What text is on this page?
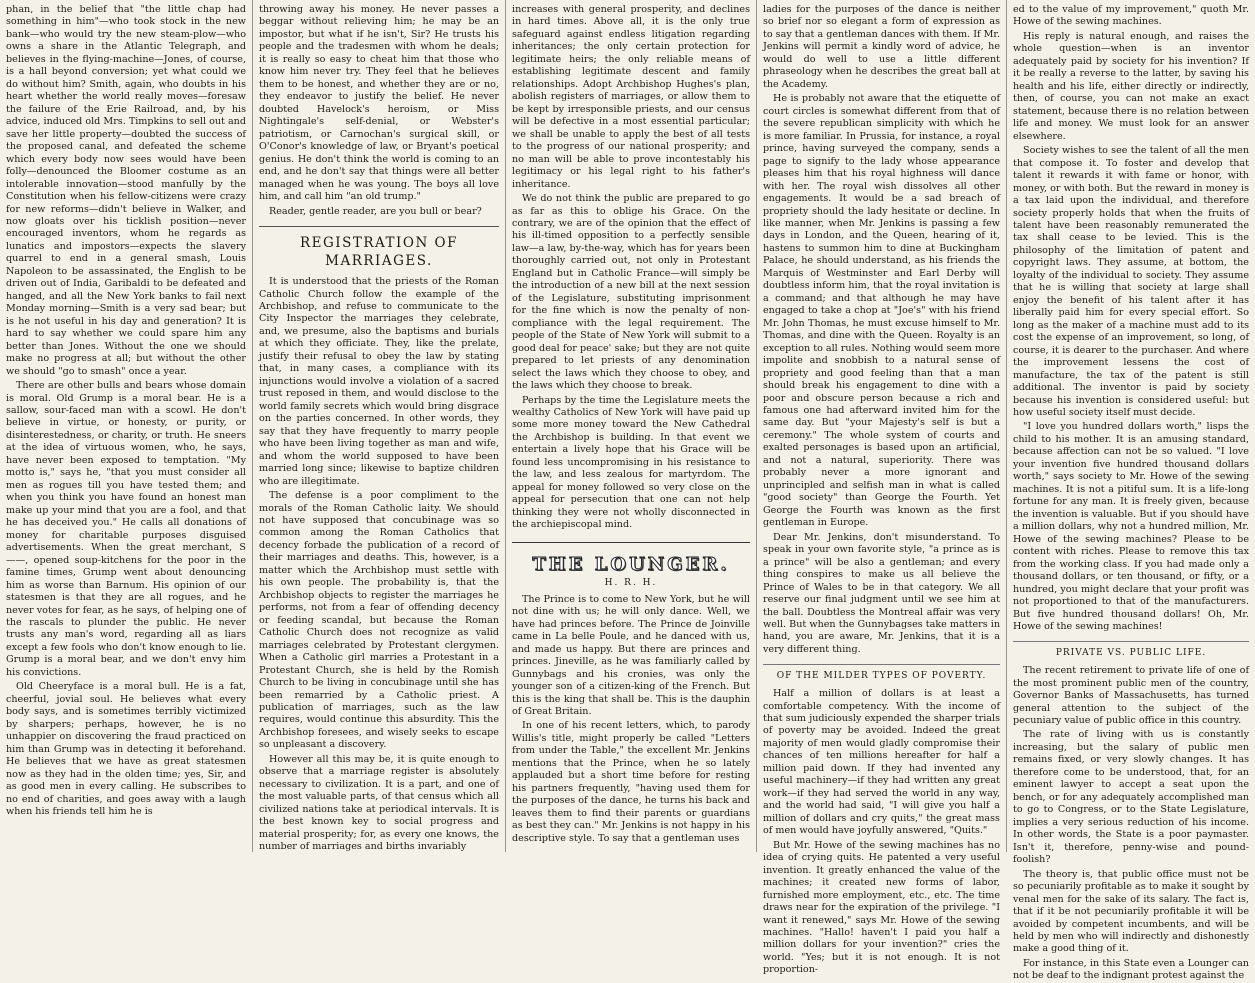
phan, in the belief that "the little chap had something in him"—who took stock in the new bank—who would try the new steam-plow—who owns a share in the Atlantic Telegraph, and believes in the flying-machine—Jones, of course, is a hall beyond conversion; yet what could we do without him? Smith, again, who doubts in his heart whether the world really moves—foresaw the failure of the Erie Railroad, and, by his advice, induced old Mrs. Timpkins to sell out and save her little property—doubted the success of the proposed canal, and defeated the scheme which every body now sees would have been folly—denounced the Bloomer costume as an intolerable innovation—stood manfully by the Constitution when his fellow-citizens were crazy for new reforms—didn't believe in Walker, and now gloats over his ticklish position—never encouraged inventors, whom he regards as lunatics and impostors—expects the slavery quarrel to end in a general smash, Louis Napoleon to be assassinated, the English to be driven out of India, Garibaldi to be defeated and hanged, and all the New York banks to fail next Monday morning—Smith is a very sad bear; but is he not useful in his day and generation? It is hard to say whether we could spare him any better than Jones. Without the one we should make no progress at all; but without the other we should "go to smash" once a year.

There are other bulls and bears whose domain is moral. Old Grump is a moral bear. He is a sallow, sour-faced man with a scowl. He don't believe in virtue, or honesty, or purity, or disinterestedness, or charity, or truth. He sneers at the idea of virtuous women, who, he says, have never been exposed to temptation. "My motto is," says he, "that you must consider all men as rogues till you have tested them; and when you think you have found an honest man make up your mind that you are a fool, and that he has deceived you." He calls all donations of money for charitable purposes disguised advertisements. When the great merchant, S——, opened soup-kitchens for the poor in the famine times, Grump went about denouncing him as worse than Barnum. His opinion of our statesmen is that they are all rogues, and he never votes for fear, as he says, of helping one of the rascals to plunder the public. He never trusts any man's word, regarding all as liars except a few fools who don't know enough to lie. Grump is a moral bear, and we don't envy him his convictions.

Old Cheeryface is a moral bull. He is a fat, cheerful, jovial soul. He believes what every body says, and is sometimes terribly victimized by sharpers; perhaps, however, he is no unhappier on discovering the fraud practiced on him than Grump was in detecting it beforehand. He believes that we have as great statesmen now as they had in the olden time; yes, Sir, and as good men in every calling. He subscribes to no end of charities, and goes away with a laugh when his friends tell him he is

throwing away his money. He never passes a beggar without relieving him; he may be an impostor, but what if he isn't, Sir? He trusts his people and the tradesmen with whom he deals; it is really so easy to cheat him that those who know him never try. They feel that he believes them to be honest, and whether they are or no, they endeavor to justify the belief. He never doubted Havelock's heroism, or Miss Nightingale's self-denial, or Webster's patriotism, or Carnochan's surgical skill, or O'Conor's knowledge of law, or Bryant's poetical genius. He don't think the world is coming to an end, and he don't say that things were all better managed when he was young. The boys all love him, and call him "an old trump."

Reader, gentle reader, are you bull or bear?

REGISTRATION OF MARRIAGES.

It is understood that the priests of the Roman Catholic Church follow the example of the Archbishop, and refuse to communicate to the City Inspector the marriages they celebrate, and, we presume, also the baptisms and burials at which they officiate. They, like the prelate, justify their refusal to obey the law by stating that, in many cases, a compliance with its injunctions would involve a violation of a sacred trust reposed in them, and would disclose to the world family secrets which would bring disgrace on the parties concerned. In other words, they say that they have frequently to marry people who have been living together as man and wife, and whom the world supposed to have been married long since; likewise to baptize children who are illegitimate.

The defense is a poor compliment to the morals of the Roman Catholic laity. We should not have supposed that concubinage was so common among the Roman Catholics that decency forbade the publication of a record of their marriages and deaths. This, however, is a matter which the Archbishop must settle with his own people. The probability is, that the Archbishop objects to register the marriages he performs, not from a fear of offending decency or feeding scandal, but because the Roman Catholic Church does not recognize as valid marriages celebrated by Protestant clergymen. When a Catholic girl marries a Protestant in a Protestant Church, she is held by the Romish Church to be living in concubinage until she has been remarried by a Catholic priest. A publication of marriages, such as the law requires, would continue this absurdity. This the Archbishop foresees, and wisely seeks to escape so unpleasant a discovery.

However all this may be, it is quite enough to observe that a marriage register is absolutely necessary to civilization. It is a part, and one of the most valuable parts, of that census which all civilized nations take at periodical intervals. It is the best known key to social progress and material prosperity; for, as every one knows, the number of marriages and births invariably

increases with general prosperity, and declines in hard times. Above all, it is the only true safeguard against endless litigation regarding inheritances; the only certain protection for legitimate heirs; the only reliable means of establishing legitimate descent and family relationships. Adopt Archbishop Hughes's plan, abolish registers of marriages, or allow them to be kept by irresponsible priests, and our census will be defective in a most essential particular; we shall be unable to apply the best of all tests to the progress of our national prosperity; and no man will be able to prove incontestably his legitimacy or his legal right to his father's inheritance.

We do not think the public are prepared to go as far as this to oblige his Grace. On the contrary, we are of the opinion that the effect of his ill-timed opposition to a perfectly sensible law—a law, by-the-way, which has for years been thoroughly carried out, not only in Protestant England but in Catholic France—will simply be the introduction of a new bill at the next session of the Legislature, substituting imprisonment for the fine which is now the penalty of non-compliance with the legal requirement. The people of the State of New York will submit to a good deal for peace' sake; but they are not quite prepared to let priests of any denomination select the laws which they choose to obey, and the laws which they choose to break.

Perhaps by the time the Legislature meets the wealthy Catholics of New York will have paid up some more money toward the New Cathedral the Archbishop is building. In that event we entertain a lively hope that his Grace will be found less uncompromising in his resistance to the law, and less zealous for martyrdom. The appeal for money followed so very close on the appeal for persecution that one can not help thinking they were not wholly disconnected in the archiepiscopal mind.

THE LOUNGER.
H. R. H.

The Prince is to come to New York, but he will not dine with us; he will only dance. Well, we have had princes before. The Prince de Joinville came in La belle Poule, and he danced with us, and made us happy. But there are princes and princes. Jineville, as he was familiarly called by Gunnybags and his cronies, was only the younger son of a citizen-king of the French. But this is the king that shall be. This is the dauphin of Great Britain.

In one of his recent letters, which, to parody Willis's title, might properly be called "Letters from under the Table," the excellent Mr. Jenkins mentions that the Prince, when he so lately applauded but a short time before for resting his partners frequently, "having used them for the purposes of the dance, he turns his back and leaves them to find their parents or guardians as best they can." Mr. Jenkins is not happy in his descriptive style. To say that a gentleman uses

ladies for the purposes of the dance is neither so brief nor so elegant a form of expression as to say that a gentleman dances with them. If Mr. Jenkins will permit a kindly word of advice, he would do well to use a little different phraseology when he describes the great ball at the Academy.

He is probably not aware that the etiquette of court circles is somewhat different from that of the severe republican simplicity with which he is more familiar. In Prussia, for instance, a royal prince, having surveyed the company, sends a page to signify to the lady whose appearance pleases him that his royal highness will dance with her. The royal wish dissolves all other engagements. It would be a sad breach of propriety should the lady hesitate or decline. In like manner, when Mr. Jenkins is passing a few days in London, and the Queen, hearing of it, hastens to summon him to dine at Buckingham Palace, he should understand, as his friends the Marquis of Westminster and Earl Derby will doubtless inform him, that the royal invitation is a command; and that although he may have engaged to take a chop at "Joe's" with his friend Mr. John Thomas, he must excuse himself to Mr. Thomas, and dine with the Queen. Royalty is an exception to all rules. Nothing would seem more impolite and snobbish to a natural sense of propriety and good feeling than that a man should break his engagement to dine with a poor and obscure person because a rich and famous one had afterward invited him for the same day. But "your Majesty's self is but a ceremony." The whole system of courts and exalted personages is based upon an artificial, and not a natural, superiority. There was probably never a more ignorant and unprincipled and selfish man in what is called "good society" than George the Fourth. Yet George the Fourth was known as the first gentleman in Europe.

Dear Mr. Jenkins, don't misunderstand. To speak in your own favorite style, "a prince as is a prince" will be also a gentleman; and every thing conspires to make us all believe the Prince of Wales to be in that category. We all reserve our final judgment until we see him at the ball. Doubtless the Montreal affair was very well. But when the Gunnybagses take matters in hand, you are aware, Mr. Jenkins, that it is a very different thing.

OF THE MILDER TYPES OF POVERTY.

Half a million of dollars is at least a comfortable competency. With the income of that sum judiciously expended the sharper trials of poverty may be avoided. Indeed the great majority of men would gladly compromise their chances of ten millions hereafter for half a million paid down. If they had invented any useful machinery—if they had written any great work—if they had served the world in any way, and the world had said, "I will give you half a million of dollars and cry quits," the great mass of men would have joyfully answered, "Quits."

But Mr. Howe of the sewing machines has no idea of crying quits. He patented a very useful invention. It greatly enhanced the value of the machines; it created new forms of labor, furnished more employment, etc., etc. The time draws near for the expiration of the privilege. "I want it renewed," says Mr. Howe of the sewing machines. "Hallo! haven't I paid you half a million dollars for your invention?" cries the world. "Yes; but it is not enough. It is not proportion-

ed to the value of my improvement," quoth Mr. Howe of the sewing machines.

His reply is natural enough, and raises the whole question—when is an inventor adequately paid by society for his invention? If it be really a reverse to the latter, by saving his health and his life, either directly or indirectly, then, of course, you can not make an exact statement, because there is no relation between life and money. We must look for an answer elsewhere.

Society wishes to see the talent of all the men that compose it. To foster and develop that talent it rewards it with fame or honor, with money, or with both. But the reward in money is a tax laid upon the individual, and therefore society properly holds that when the fruits of talent have been reasonably remunerated the tax shall cease to be levied. This is the philosophy of the limitation of patent and copyright laws. They assume, at bottom, the loyalty of the individual to society. They assume that he is willing that society at large shall enjoy the benefit of his talent after it has liberally paid him for every special effort. So long as the maker of a machine must add to its cost the expense of an improvement, so long, of course, it is dearer to the purchaser. And where the improvement lessens the cost of manufacture, the tax of the patent is still additional. The inventor is paid by society because his invention is considered useful: but how useful society itself must decide.

"I love you hundred dollars worth," lisps the child to his mother. It is an amusing standard, because affection can not be so valued. "I love your invention five hundred thousand dollars worth," says society to Mr. Howe of the sewing machines. It is not a pitiful sum. It is a life-long fortune for any man. It is freely given, because the invention is valuable. But if you should have a million dollars, why not a hundred million, Mr. Howe of the sewing machines? Please to be content with riches. Please to remove this tax from the working class. If you had made only a thousand dollars, or ten thousand, or fifty, or a hundred, you might declare that your profit was not proportioned to that of the manufacturers. But five hundred thousand dollars! Oh, Mr. Howe of the sewing machines!

PRIVATE VS. PUBLIC LIFE.

The recent retirement to private life of one of the most prominent public men of the country, Governor Banks of Massachusetts, has turned general attention to the subject of the pecuniary value of public office in this country.

The rate of living with us is constantly increasing, but the salary of public men remains fixed, or very slowly changes. It has therefore come to be understood, that, for an eminent lawyer to accept a seat upon the bench, or for any adequately accomplished man to go to Congress, or to the State Legislature, implies a very serious reduction of his income. In other words, the State is a poor paymaster. Isn't it, therefore, penny-wise and pound-foolish?

The theory is, that public office must not be so pecuniarily profitable as to make it sought by venal men for the sake of its salary. The fact is, that if it be not pecuniarily profitable it will be avoided by competent incumbents, and will be held by men who will indirectly and dishonestly make a good thing of it.

For instance, in this State even a Lounger can not be deaf to the indignant protest against the
